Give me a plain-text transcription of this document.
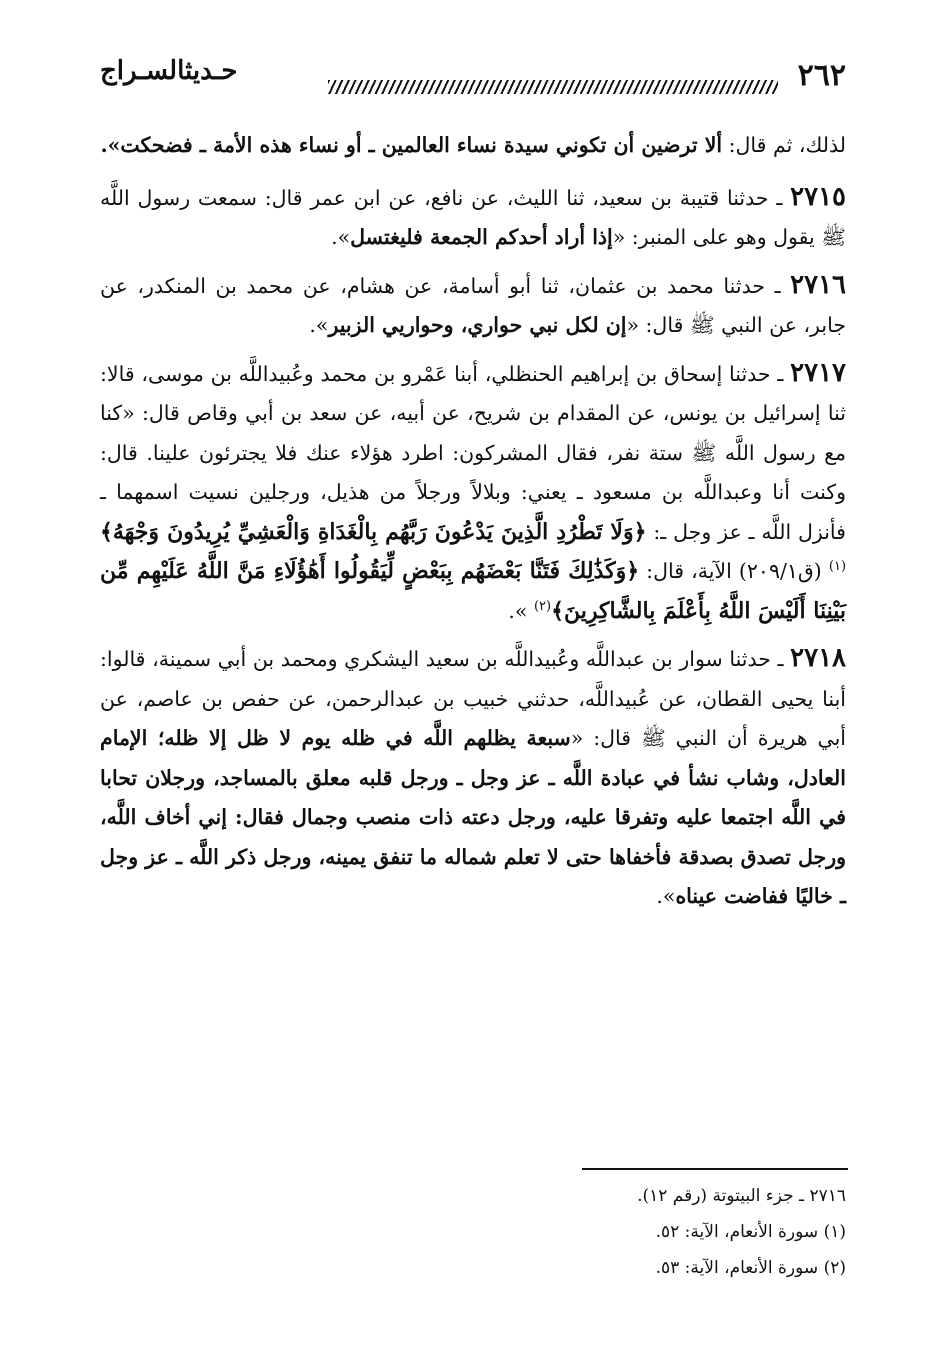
٢٦٢
حـديثالسـراج

لذلك، ثم قال: ألا ترضين أن تكوني سيدة نساء العالمين ـ أو نساء هذه الأمة ـ فضحكت».

٢٧١٥ ـ حدثنا قتيبة بن سعيد، ثنا الليث، عن نافع، عن ابن عمر قال: سمعت رسول اللَّه ﷺ يقول وهو على المنبر: «إذا أراد أحدكم الجمعة فليغتسل».

٢٧١٦ ـ حدثنا محمد بن عثمان، ثنا أبو أسامة، عن هشام، عن محمد بن المنكدر، عن جابر، عن النبي ﷺ قال: «إن لكل نبي حواري، وحواريي الزبير».

٢٧١٧ ـ حدثنا إسحاق بن إبراهيم الحنظلي، أبنا عَمْرو بن محمد وعُبيداللَّه بن موسى، قالا: ثنا إسرائيل بن يونس، عن المقدام بن شريح، عن أبيه، عن سعد بن أبي وقاص قال: «كنا مع رسول اللَّه ﷺ ستة نفر، فقال المشركون: اطرد هؤلاء عنك فلا يجترئون علينا. قال: وكنت أنا وعبداللَّه بن مسعود ـ يعني: وبلالاً ورجلاً من هذيل، ورجلين نسيت اسمهما ـ فأنزل اللَّه ـ عز وجل ـ: ﴿وَلَا تَطْرُدِ الَّذِينَ يَدْعُونَ رَبَّهُم بِالْغَدَاةِ وَالْعَشِيِّ يُرِيدُونَ وَجْهَهُ﴾$^{(١)}$ (ق٢٠٩/١) الآية، قال: ﴿وَكَذَٰلِكَ فَتَنَّا بَعْضَهُم بِبَعْضٍ لِّيَقُولُوا أَهَٰؤُلَاءِ مَنَّ اللَّهُ عَلَيْهِم مِّن بَيْنِنَا أَلَيْسَ اللَّهُ بِأَعْلَمَ بِالشَّاكِرِينَ﴾$^{(٢)}$ ».

٢٧١٨ ـ حدثنا سوار بن عبداللَّه وعُبيداللَّه بن سعيد اليشكري ومحمد بن أبي سمينة، قالوا: أبنا يحيى القطان، عن عُبيداللَّه، حدثني خبيب بن عبدالرحمن، عن حفص بن عاصم، عن أبي هريرة أن النبي ﷺ قال: «سبعة يظلهم اللَّه في ظله يوم لا ظل إلا ظله؛ الإمام العادل، وشاب نشأ في عبادة اللَّه ـ عز وجل ـ ورجل قلبه معلق بالمساجد، ورجلان تحابا في اللَّه اجتمعا عليه وتفرقا عليه، ورجل دعته ذات منصب وجمال فقال: إني أخاف اللَّه، ورجل تصدق بصدقة فأخفاها حتى لا تعلم شماله ما تنفق يمينه، ورجل ذكر اللَّه ـ عز وجل ـ خاليًا ففاضت عيناه».

٢٧١٦ ـ جزء البيتوتة (رقم ١٢).

(١) سورة الأنعام، الآية: ٥٢.

(٢) سورة الأنعام، الآية: ٥٣.
